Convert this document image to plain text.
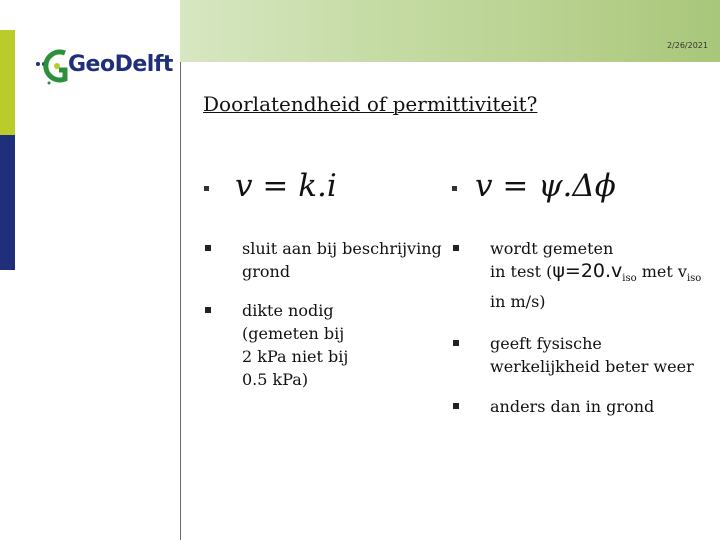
2/26/2021
GeoDelft
Doorlatendheid of permittiviteit?
v = k.i	v = ψ.Δϕ
sluit aan bij beschrijving
grond
dikte nodig
(gemeten bij
2 kPa niet bij
0.5 kPa)
wordt gemeten
in test ($\psi=20.v_{iso}$ met $v_{iso}$
in m/s)
geeft fysische
werkelijkheid beter weer
anders dan in grond
